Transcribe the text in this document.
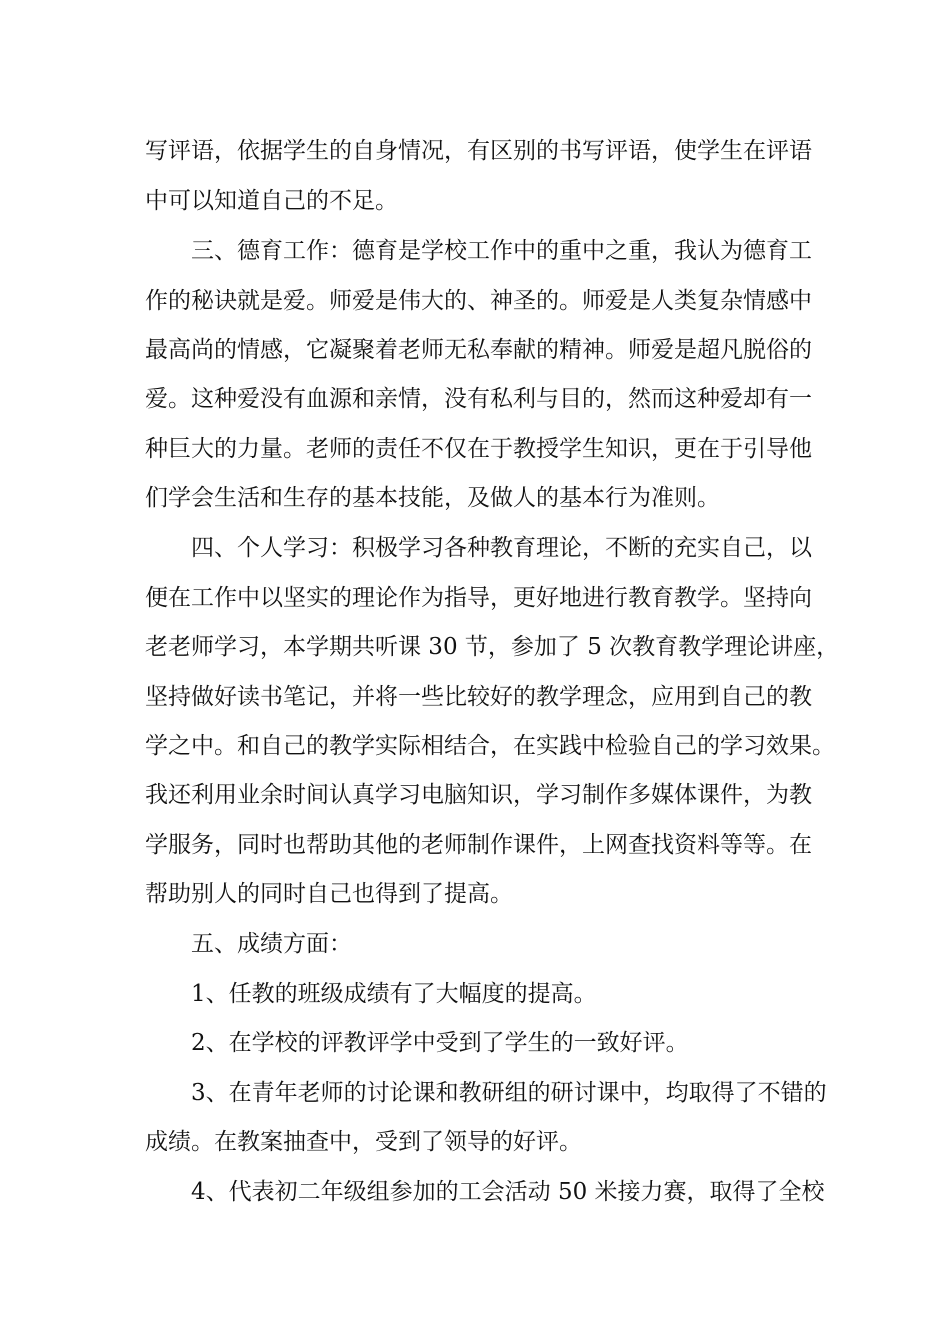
写评语，依据学生的自身情况，有区别的书写评语，使学生在评语

中可以知道自己的不足。

三、德育工作：德育是学校工作中的重中之重，我认为德育工

作的秘诀就是爱。师爱是伟大的、神圣的。师爱是人类复杂情感中

最高尚的情感，它凝聚着老师无私奉献的精神。师爱是超凡脱俗的

爱。这种爱没有血源和亲情，没有私利与目的，然而这种爱却有一

种巨大的力量。老师的责任不仅在于教授学生知识，更在于引导他

们学会生活和生存的基本技能，及做人的基本行为准则。

四、个人学习：积极学习各种教育理论，不断的充实自己，以

便在工作中以坚实的理论作为指导，更好地进行教育教学。坚持向

老老师学习，本学期共听课 30 节，参加了 5 次教育教学理论讲座，

坚持做好读书笔记，并将一些比较好的教学理念，应用到自己的教

学之中。和自己的教学实际相结合，在实践中检验自己的学习效果。

我还利用业余时间认真学习电脑知识，学习制作多媒体课件，为教

学服务，同时也帮助其他的老师制作课件，上网查找资料等等。在

帮助别人的同时自己也得到了提高。

五、成绩方面：

1、任教的班级成绩有了大幅度的提高。

2、在学校的评教评学中受到了学生的一致好评。

3、在青年老师的讨论课和教研组的研讨课中，均取得了不错的

成绩。在教案抽查中，受到了领导的好评。

4、代表初二年级组参加的工会活动 50 米接力赛，取得了全校
